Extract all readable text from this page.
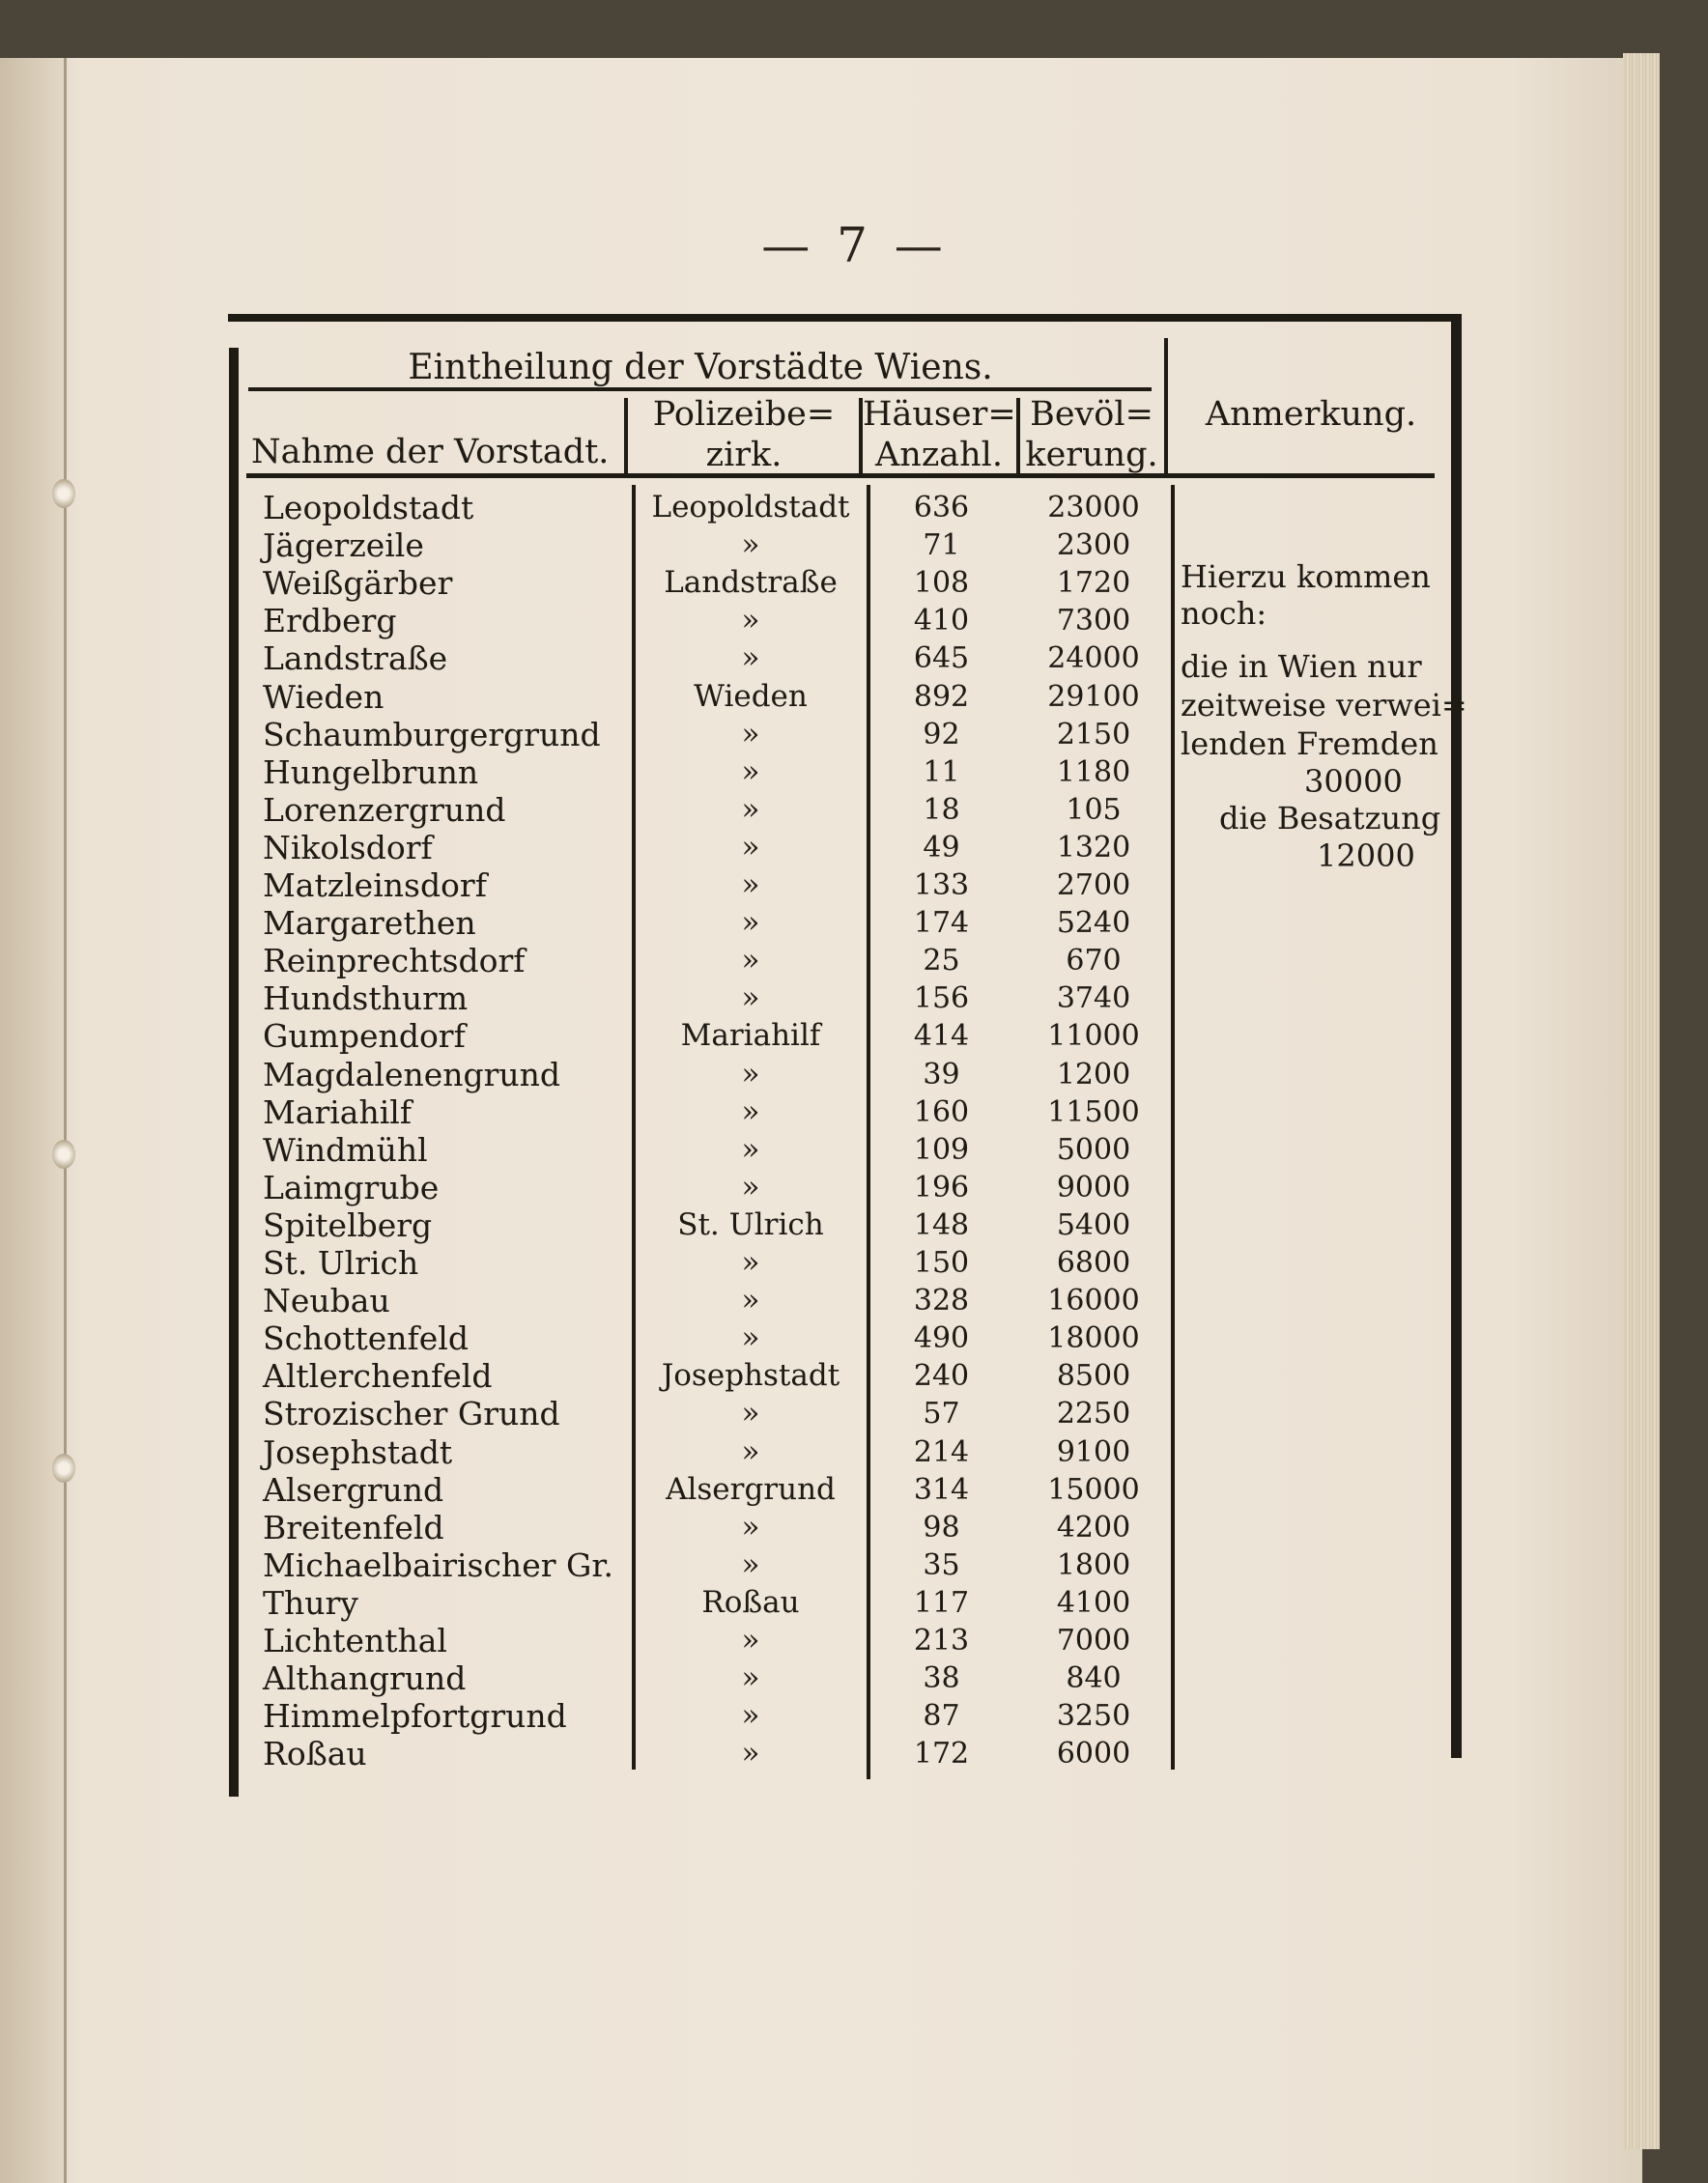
— 7 —
Eintheilung der Vorstädte Wiens.
Nahme der Vorstadt.
Polizeibe=
zirk.
Häuser=
Anzahl.
Bevöl=
kerung.
Anmerkung.
Leopoldstadt	Leopoldstadt	636	23000
Jägerzeile	»	71	2300
Weißgärber	Landstraße	108	1720
Erdberg	»	410	7300
Landstraße	»	645	24000
Wieden	Wieden	892	29100
Schaumburgergrund	»	92	2150
Hungelbrunn	»	11	1180
Lorenzergrund	»	18	105
Nikolsdorf	»	49	1320
Matzleinsdorf	»	133	2700
Margarethen	»	174	5240
Reinprechtsdorf	»	25	670
Hundsthurm	»	156	3740
Gumpendorf	Mariahilf	414	11000
Magdalenengrund	»	39	1200
Mariahilf	»	160	11500
Windmühl	»	109	5000
Laimgrube	»	196	9000
Spitelberg	St. Ulrich	148	5400
St. Ulrich	»	150	6800
Neubau	»	328	16000
Schottenfeld	»	490	18000
Altlerchenfeld	Josephstadt	240	8500
Strozischer Grund	»	57	2250
Josephstadt	»	214	9100
Alsergrund	Alsergrund	314	15000
Breitenfeld	»	98	4200
Michaelbairischer Gr.	»	35	1800
Thury	Roßau	117	4100
Lichtenthal	»	213	7000
Althangrund	»	38	840
Himmelpfortgrund	»	87	3250
Roßau	»	172	6000
Hierzu kommen
noch:
die in Wien nur
zeitweise verwei=
lenden Fremden
30000
die Besatzung
12000
